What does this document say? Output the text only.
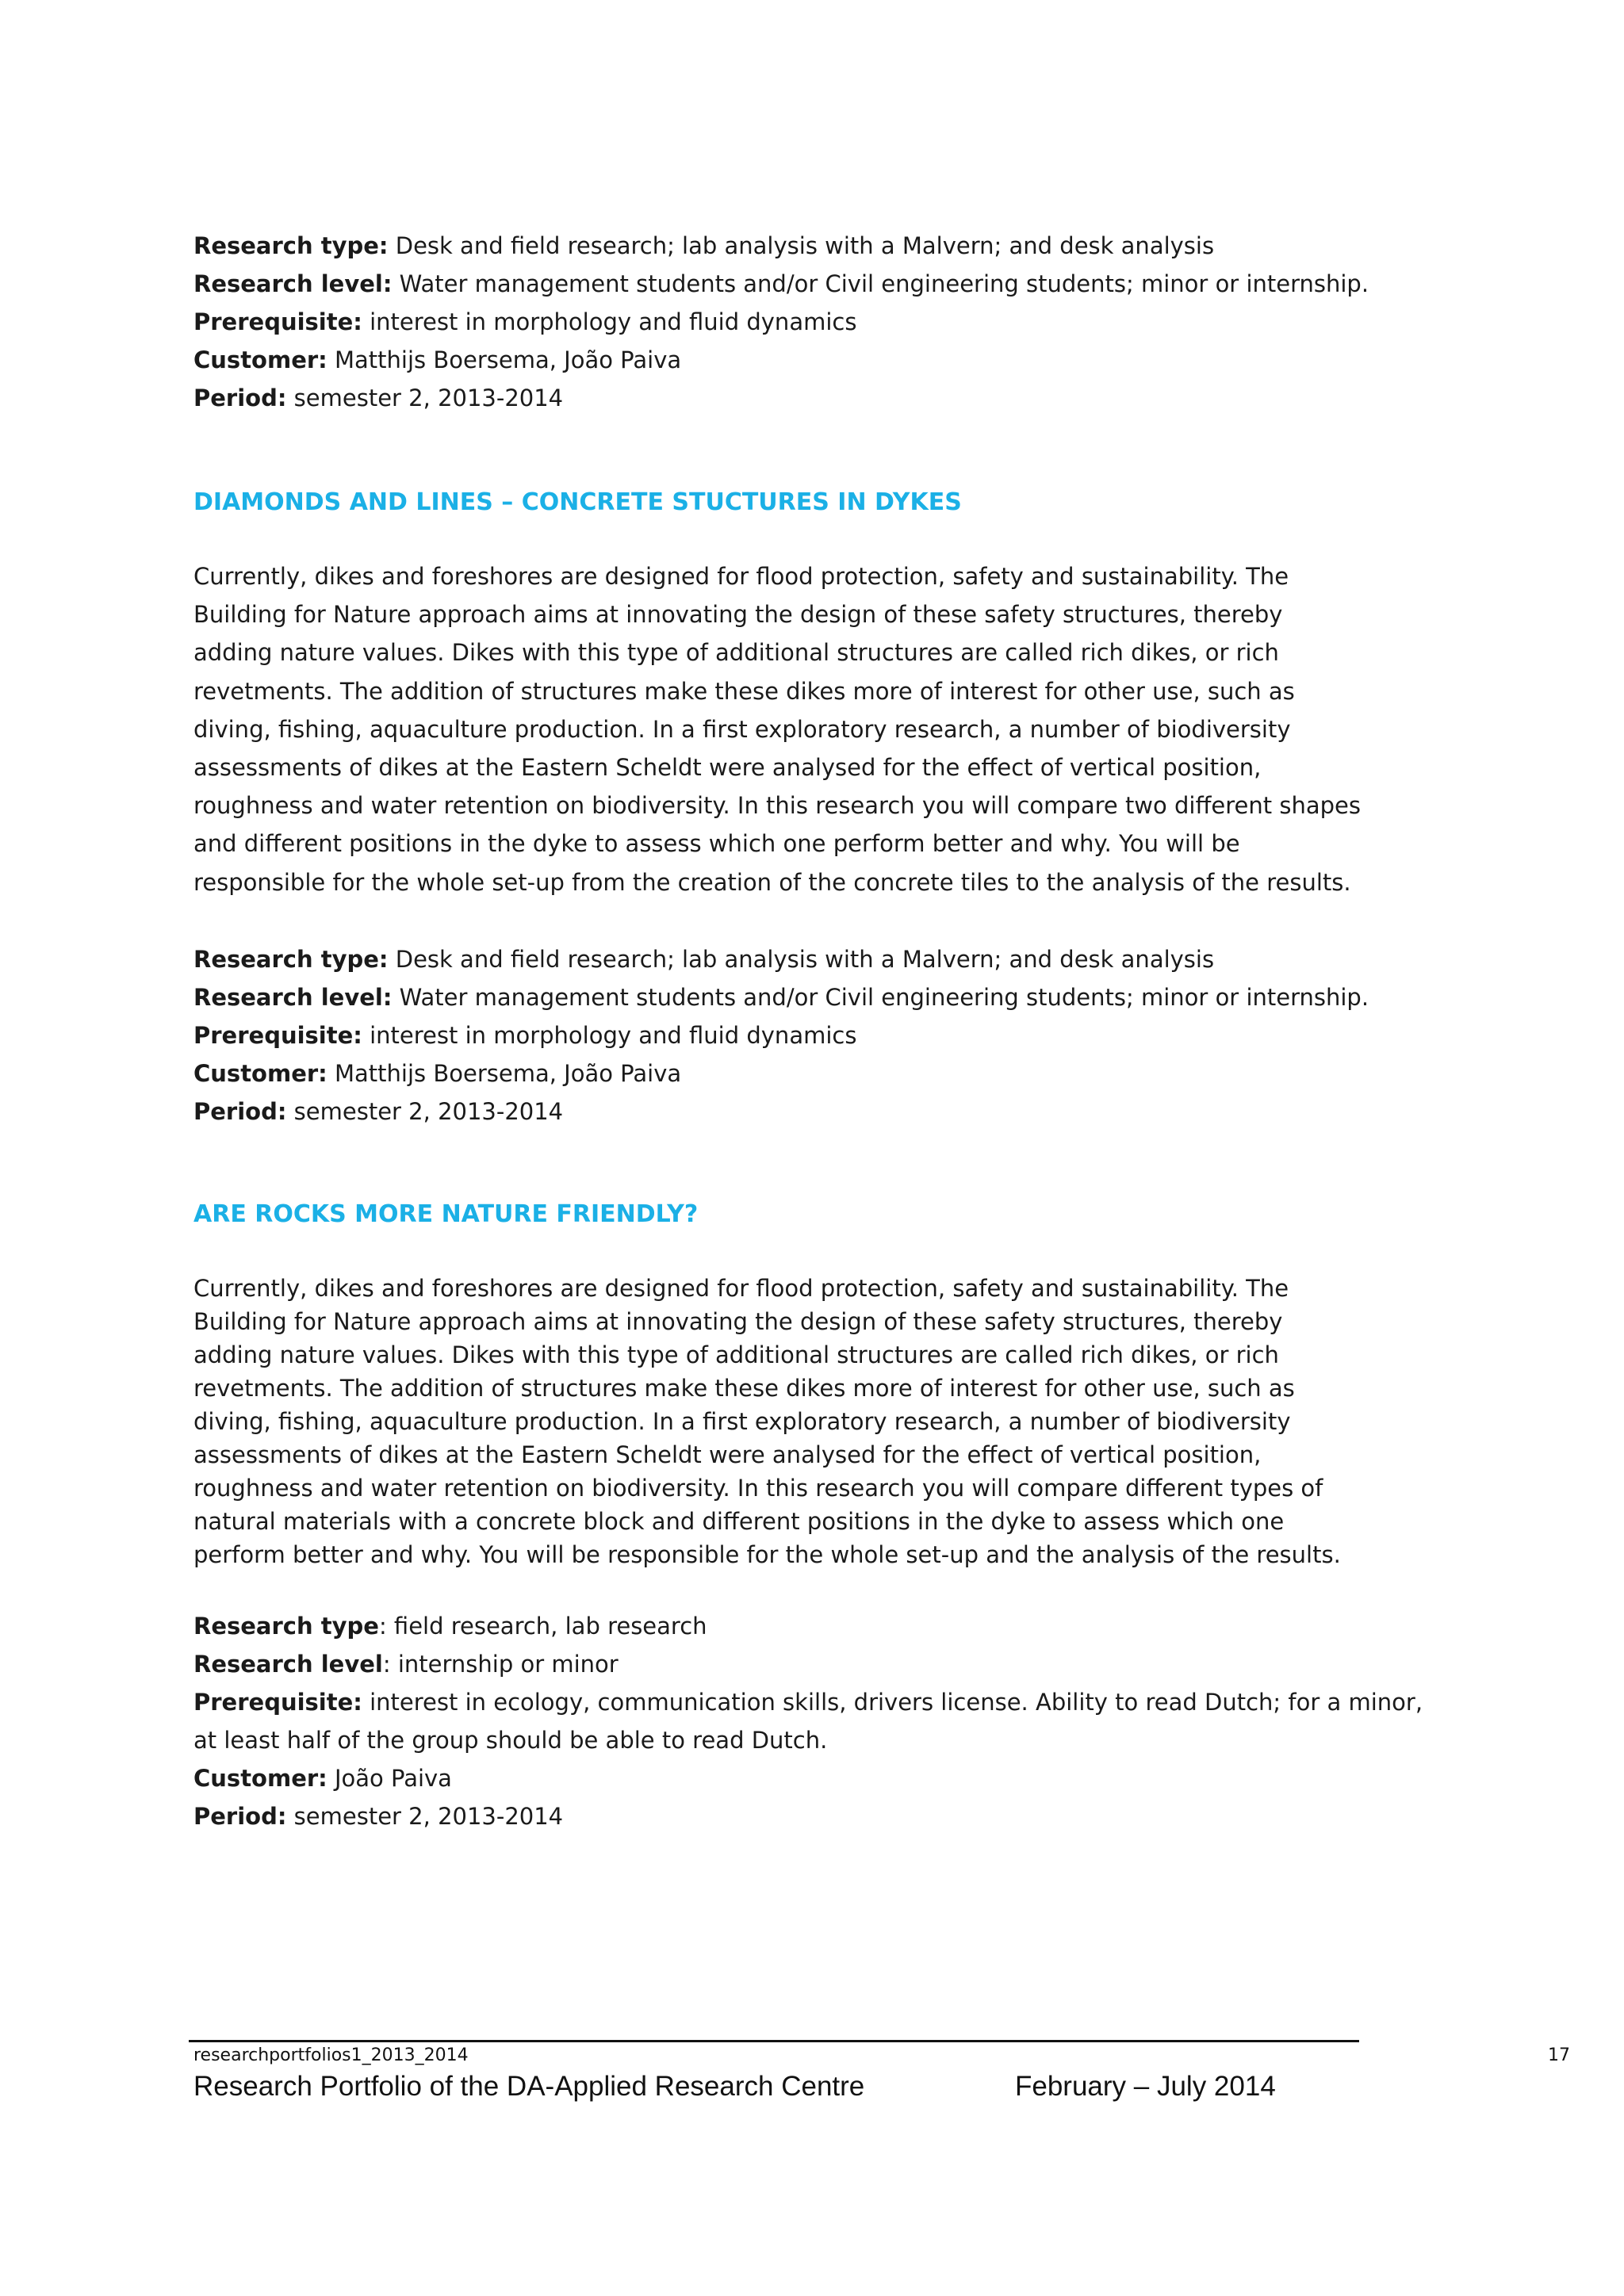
Research type: Desk and field research; lab analysis with a Malvern; and desk analysis
Research level: Water management students and/or Civil engineering students; minor or internship.
Prerequisite: interest in morphology and fluid dynamics
Customer: Matthijs Boersema, João Paiva
Period: semester 2, 2013-2014
DIAMONDS AND LINES – CONCRETE STUCTURES IN DYKES

Currently, dikes and foreshores are designed for flood protection, safety and sustainability. The Building for Nature approach aims at innovating the design of these safety structures, thereby adding nature values. Dikes with this type of additional structures are called rich dikes, or rich revetments. The addition of structures make these dikes more of interest for other use, such as diving, fishing, aquaculture production. In a first exploratory research, a number of biodiversity assessments of dikes at the Eastern Scheldt were analysed for the effect of vertical position, roughness and water retention on biodiversity. In this research you will compare two different shapes and different positions in the dyke to assess which one perform better and why. You will be responsible for the whole set-up from the creation of the concrete tiles to the analysis of the results.

Research type: Desk and field research; lab analysis with a Malvern; and desk analysis
Research level: Water management students and/or Civil engineering students; minor or internship.
Prerequisite: interest in morphology and fluid dynamics
Customer: Matthijs Boersema, João Paiva
Period: semester 2, 2013-2014
ARE ROCKS MORE NATURE FRIENDLY?

Currently, dikes and foreshores are designed for flood protection, safety and sustainability. The Building for Nature approach aims at innovating the design of these safety structures, thereby adding nature values. Dikes with this type of additional structures are called rich dikes, or rich revetments. The addition of structures make these dikes more of interest for other use, such as diving, fishing, aquaculture production. In a first exploratory research, a number of biodiversity assessments of dikes at the Eastern Scheldt were analysed for the effect of vertical position, roughness and water retention on biodiversity. In this research you will compare different types of natural materials with a concrete block and different positions in the dyke to assess which one perform better and why. You will be responsible for the whole set-up and the analysis of the results.

Research type: field research, lab research
Research level: internship or minor
Prerequisite: interest in ecology, communication skills, drivers license. Ability to read Dutch; for a minor,
at least half of the group should be able to read Dutch.
Customer: João Paiva
Period: semester 2, 2013-2014
researchportfolios1_2013_2014	17
Research Portfolio of the DA-Applied Research Centre	February – July 2014
